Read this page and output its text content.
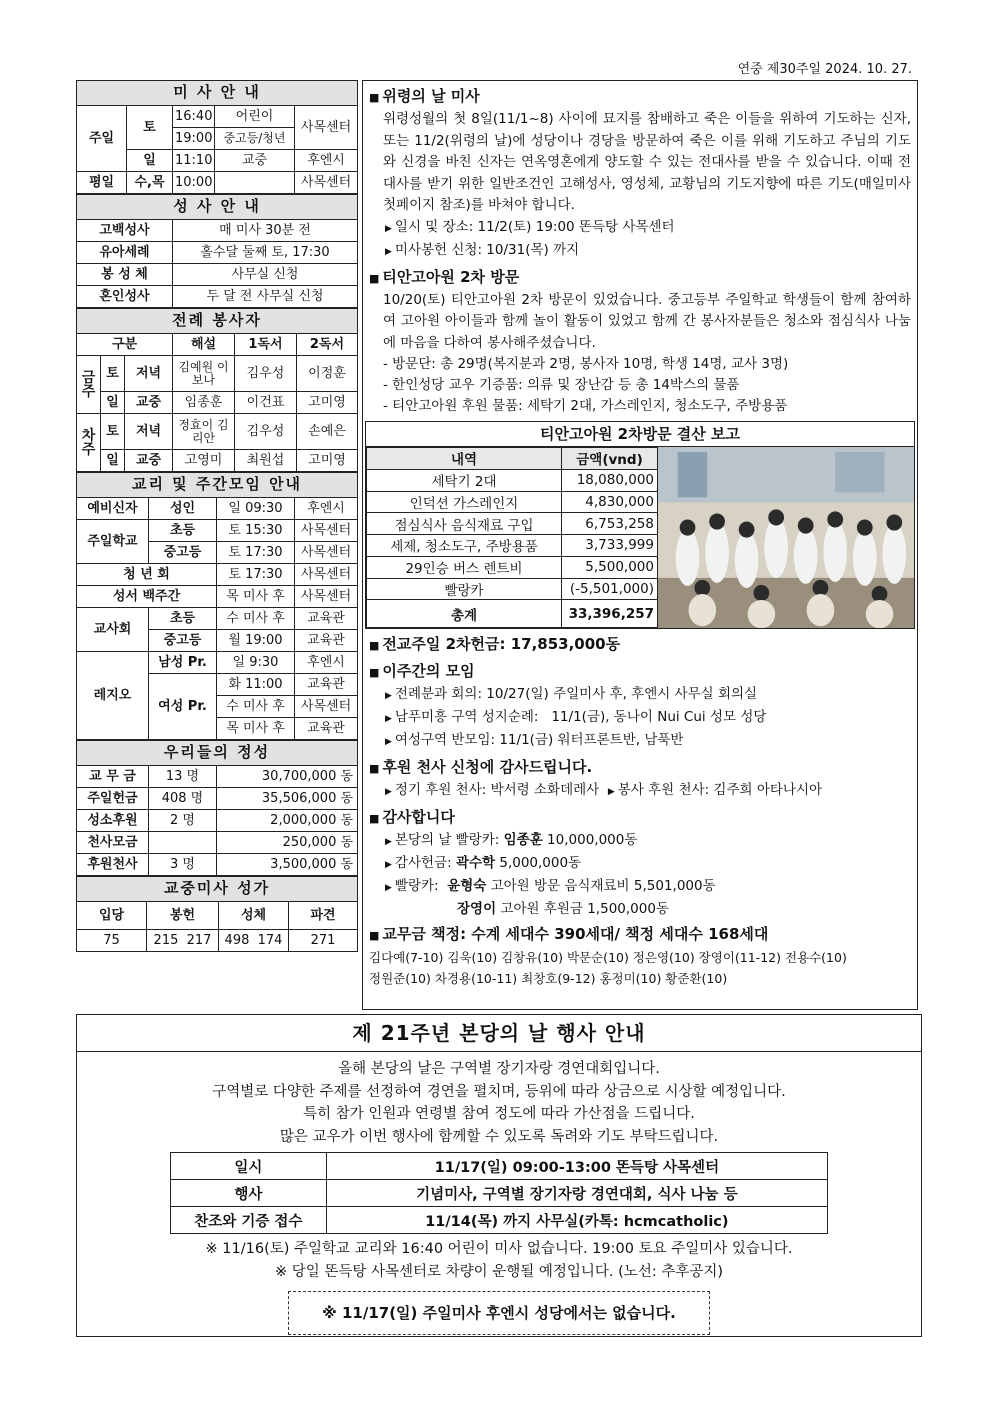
연중 제30주일 2024. 10. 27.
미 사 안 내				
주일	토	16:40	어린이	사목센터
		19:00	중고등/청년	
	일	11:10	교중	후엔시
평일	수,목	10:00		사목센터
성 사 안 내	
고백성사	매 미사 30분 전
유아세례	홀수달 둘째 토, 17:30
봉 성 체	사무실 신청
혼인성사	두 달 전 사무실 신청
전례 봉사자					
구분			해설	1독서	2독서
금 주	토	저녁	김예원 이보나	김우성	이정훈
	일	교중	임종훈	이건표	고미영
차 주	토	저녁	정효이 김리안	김우성	손예은
	일	교중	고영미	최원섭	고미영
교리 및 주간모임 안내			
예비신자	성인	일 09:30	후엔시
주일학교	초등	토 15:30	사목센터
	중고등	토 17:30	사목센터
청 년 회		토 17:30	사목센터
성서 백주간		목 미사 후	사목센터
교사회	초등	수 미사 후	교육관
	중고등	월 19:00	교육관
레지오	남성 Pr.	일 9:30	후엔시
	여성 Pr.	화 11:00	교육관
		수 미사 후	사목센터
		목 미사 후	교육관
우리들의 정성		
교 무 금	13 명	30,700,000 동
주일헌금	408 명	35,506,000 동
성소후원	2 명	2,000,000 동
천사모금		250,000 동
후원천사	3 명	3,500,000 동
교중미사 성가			
입당	봉헌	성체	파견
75	215  217	498  174	271
■ 위령의 날 미사
위령성월의 첫 8일(11/1~8) 사이에 묘지를 참배하고 죽은 이들을 위하여 기도하는 신자, 또는 11/2(위령의 날)에 성당이나 경당을 방문하여 죽은 이를 위해 기도하고 주님의 기도와 신경을 바친 신자는 연옥영혼에게 양도할 수 있는 전대사를 받을 수 있습니다. 이때 전대사를 받기 위한 일반조건인 고해성사, 영성체, 교황님의 기도지향에 따른 기도(매일미사 첫페이지 참조)를 바쳐야 합니다.
▶ 일시 및 장소: 11/2(토) 19:00 똔득탕 사목센터
▶ 미사봉헌 신청: 10/31(목) 까지
■ 티안고아원 2차 방문
10/20(토) 티안고아원 2차 방문이 있었습니다. 중고등부 주일학교 학생들이 함께 참여하여 고아원 아이들과 함께 놀이 활동이 있었고 함께 간 봉사자분들은 청소와 점심식사 나눔에 마음을 다하여 봉사해주셨습니다.
- 방문단: 총 29명(복지분과 2명, 봉사자 10명, 학생 14명, 교사 3명)
- 한인성당 교우 기증품: 의류 및 장난감 등 총 14박스의 물품
- 티안고아원 후원 물품: 세탁기 2대, 가스레인지, 청소도구, 주방용품
티안고아원 2차방문 결산 보고
내역	금액(vnd)
세탁기 2대	18,080,000
인덕션 가스레인지	4,830,000
점심식사 음식재료 구입	6,753,258
세제, 청소도구, 주방용품	3,733,999
29인승 버스 렌트비	5,500,000
빨랑카	(-5,501,000)
총계	33,396,257
■ 전교주일 2차헌금: 17,853,000동
■ 이주간의 모임
▶ 전례분과 회의: 10/27(일) 주일미사 후, 후엔시 사무실 회의실
▶ 남푸미흥 구역 성지순례:   11/1(금), 동나이 Nui Cui 성모 성당
▶ 여성구역 반모임: 11/1(금) 워터프론트반, 남푹반
■ 후원 천사 신청에 감사드립니다.
▶ 정기 후원 천사: 박서령 소화데레사 ▶ 봉사 후원 천사: 김주희 아타나시아
■ 감사합니다
▶ 본당의 날 빨랑카: 임종훈 10,000,000동
▶ 감사헌금: 곽수학 5,000,000동
▶ 빨랑카:  윤형숙 고아원 방문 음식재료비 5,501,000동
장영이 고아원 후원금 1,500,000동
■ 교무금 책정: 수계 세대수 390세대/ 책정 세대수 168세대
김다예(7-10) 김욱(10) 김창유(10) 박문순(10) 정은영(10) 장영이(11-12) 전용수(10)
정원준(10) 차경용(10-11) 최창호(9-12) 홍정미(10) 황준환(10)
제 21주년 본당의 날 행사 안내
올해 본당의 날은 구역별 장기자랑 경연대회입니다.
구역별로 다양한 주제를 선정하여 경연을 펼치며, 등위에 따라 상금으로 시상할 예정입니다.
특히 참가 인원과 연령별 참여 정도에 따라 가산점을 드립니다.
많은 교우가 이번 행사에 함께할 수 있도록 독려와 기도 부탁드립니다.
일시	11/17(일) 09:00-13:00 똔득탕 사목센터
행사	기념미사, 구역별 장기자랑 경연대회, 식사 나눔 등
찬조와 기증 접수	11/14(목) 까지 사무실(카톡: hcmcatholic)
※ 11/16(토) 주일학교 교리와 16:40 어린이 미사 없습니다. 19:00 토요 주일미사 있습니다.
※ 당일 똔득탕 사목센터로 차량이 운행될 예정입니다. (노선: 추후공지)
※ 11/17(일) 주일미사 후엔시 성당에서는 없습니다.
